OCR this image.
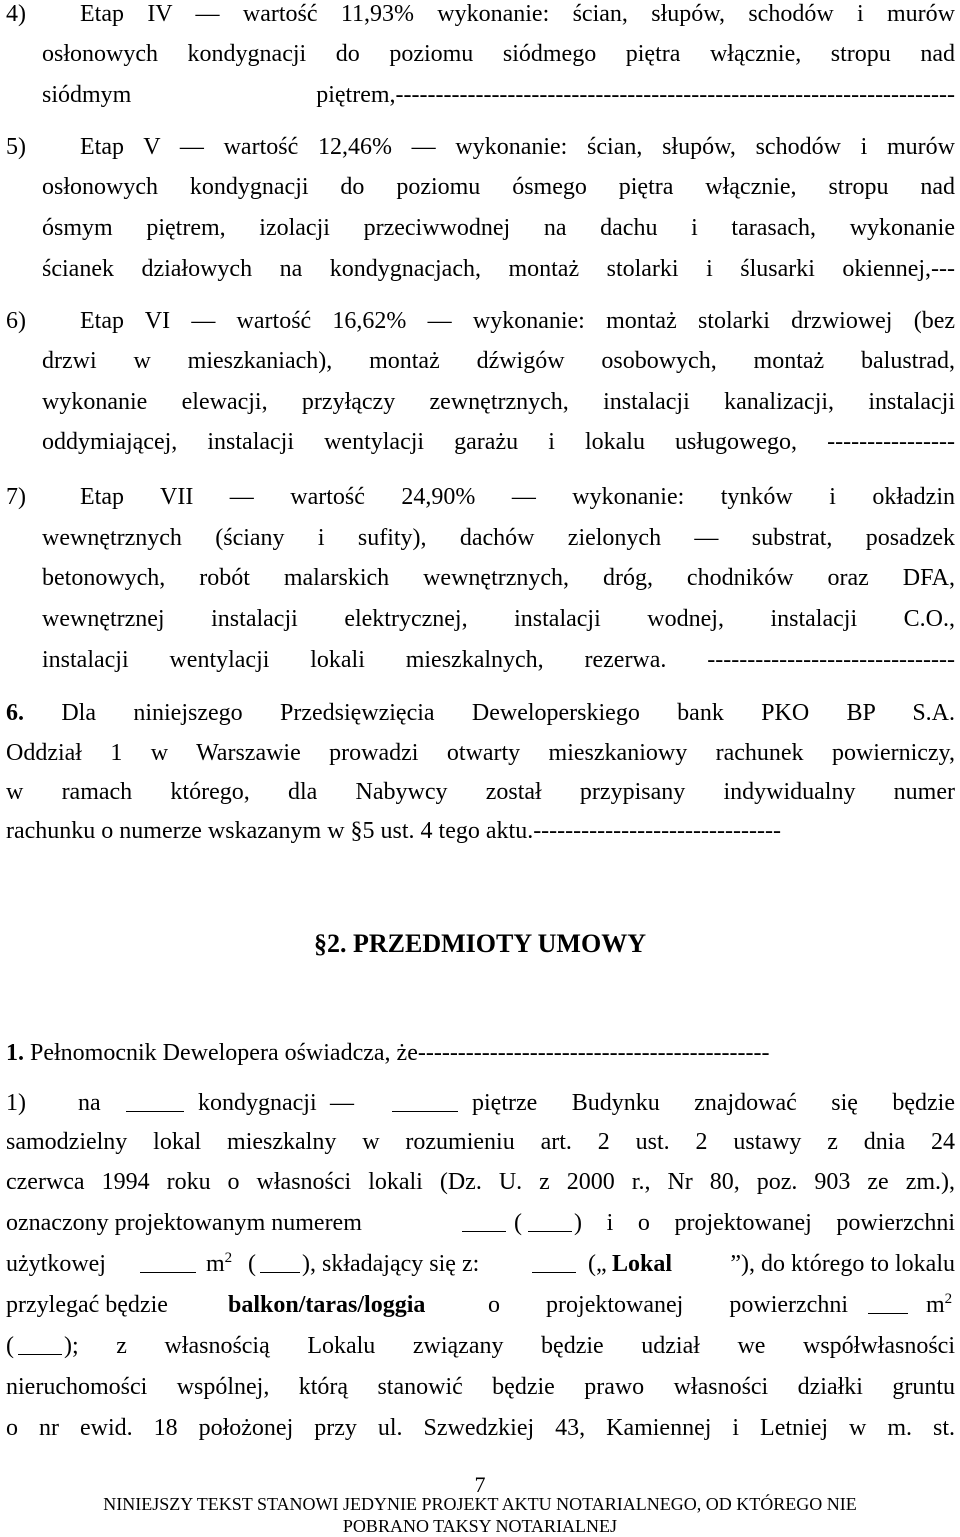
4)	Etap IV — wartość 11,93% wykonanie: ścian, słupów, schodów i murów
osłonowych kondygnacji do poziomu siódmego piętra włącznie, stropu nad
siódmym piętrem,----------------------------------------------------------------------
5)	Etap V — wartość 12,46% — wykonanie: ścian, słupów, schodów i murów
osłonowych kondygnacji do poziomu ósmego piętra włącznie, stropu nad
ósmym piętrem, izolacji przeciwwodnej na dachu i tarasach, wykonanie
ścianek działowych na kondygnacjach, montaż stolarki i ślusarki okiennej,---
6)	Etap VI — wartość 16,62% — wykonanie: montaż stolarki drzwiowej (bez
drzwi w mieszkaniach), montaż dźwigów osobowych, montaż balustrad,
wykonanie elewacji, przyłączy zewnętrznych, instalacji kanalizacji, instalacji
oddymiającej, instalacji wentylacji garażu i lokalu usługowego, ----------------
7)	Etap VII — wartość 24,90% — wykonanie: tynków i okładzin
wewnętrznych (ściany i sufity), dachów zielonych — substrat, posadzek
betonowych, robót malarskich wewnętrznych, dróg, chodników oraz DFA,
wewnętrznej instalacji elektrycznej, instalacji wodnej, instalacji C.O.,
instalacji wentylacji lokali mieszkalnych, rezerwa. -------------------------------
6. Dla niniejszego Przedsięwzięcia Deweloperskiego bank PKO BP S.A.
Oddział 1 w Warszawie prowadzi otwarty mieszkaniowy rachunek powierniczy,
w ramach którego, dla Nabywcy został przypisany indywidualny numer
rachunku o numerze wskazanym w §5 ust. 4 tego aktu.-------------------------------
§2. PRZEDMIOTY UMOWY
1. Pełnomocnik Dewelopera oświadcza, że--------------------------------------------
1) na	kondygnacji —	piętrze Budynku znajdować się będzie
samodzielny lokal mieszkalny w rozumieniu art. 2 ust. 2 ustawy z dnia 24
czerwca 1994 roku o własności lokali (Dz. U. z 2000 r., Nr 80, poz. 903 ze zm.),
oznaczony projektowanym numerem	( ) i o projektowanej powierzchni
użytkowej	$m^2$ ( ), składający się z:	(„ Lokal	”), do którego to lokalu
przylegać będzie	balkon/taras/loggia	o projektowanej powierzchni	$m^2$
( ); z własnością Lokalu związany będzie udział we współwłasności
nieruchomości wspólnej, którą stanowić będzie prawo własności działki gruntu
o nr ewid. 18 położonej przy ul. Szwedzkiej 43, Kamiennej i Letniej w m. st.
7
NINIEJSZY TEKST STANOWI JEDYNIE PROJEKT AKTU NOTARIALNEGO, OD KTÓREGO NIE
POBRANO TAKSY NOTARIALNEJ
